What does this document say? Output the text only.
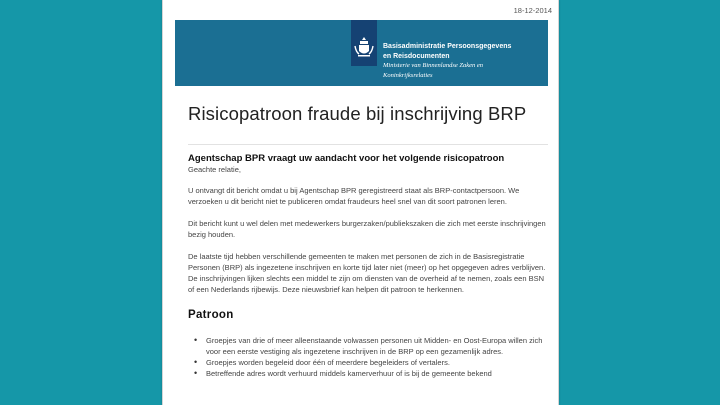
18-12-2014
Basisadministratie Persoonsgegevens
en Reisdocumenten
Ministerie van Binnenlandse Zaken en
Koninkrijksrelaties
Risicopatroon fraude bij inschrijving BRP
Agentschap BPR vraagt uw aandacht voor het volgende risicopatroon
Geachte relatie,

U ontvangt dit bericht omdat u bij Agentschap BPR geregistreerd staat als BRP-contactpersoon. We verzoeken u dit bericht niet te publiceren omdat fraudeurs heel snel van dit soort patronen leren.

Dit bericht kunt u wel delen met medewerkers burgerzaken/publiekszaken die zich met eerste inschrijvingen bezig houden.

De laatste tijd hebben verschillende gemeenten te maken met personen de zich in de Basisregistratie Personen (BRP) als ingezetene inschrijven en korte tijd later niet (meer) op het opgegeven adres verblijven. De inschrijvingen lijken slechts een middel te zijn om diensten van de overheid af te nemen, zoals een BSN of een Nederlands rijbewijs. Deze nieuwsbrief kan helpen dit patroon te herkennen.

Patroon
• Groepjes van drie of meer alleenstaande volwassen personen uit Midden- en Oost-Europa willen zich voor een eerste vestiging als ingezetene inschrijven in de BRP op een gezamenlijk adres.
• Groepjes worden begeleid door één of meerdere begeleiders of vertalers.
• Betreffende adres wordt verhuurd middels kamerverhuur of is bij de gemeente bekend
